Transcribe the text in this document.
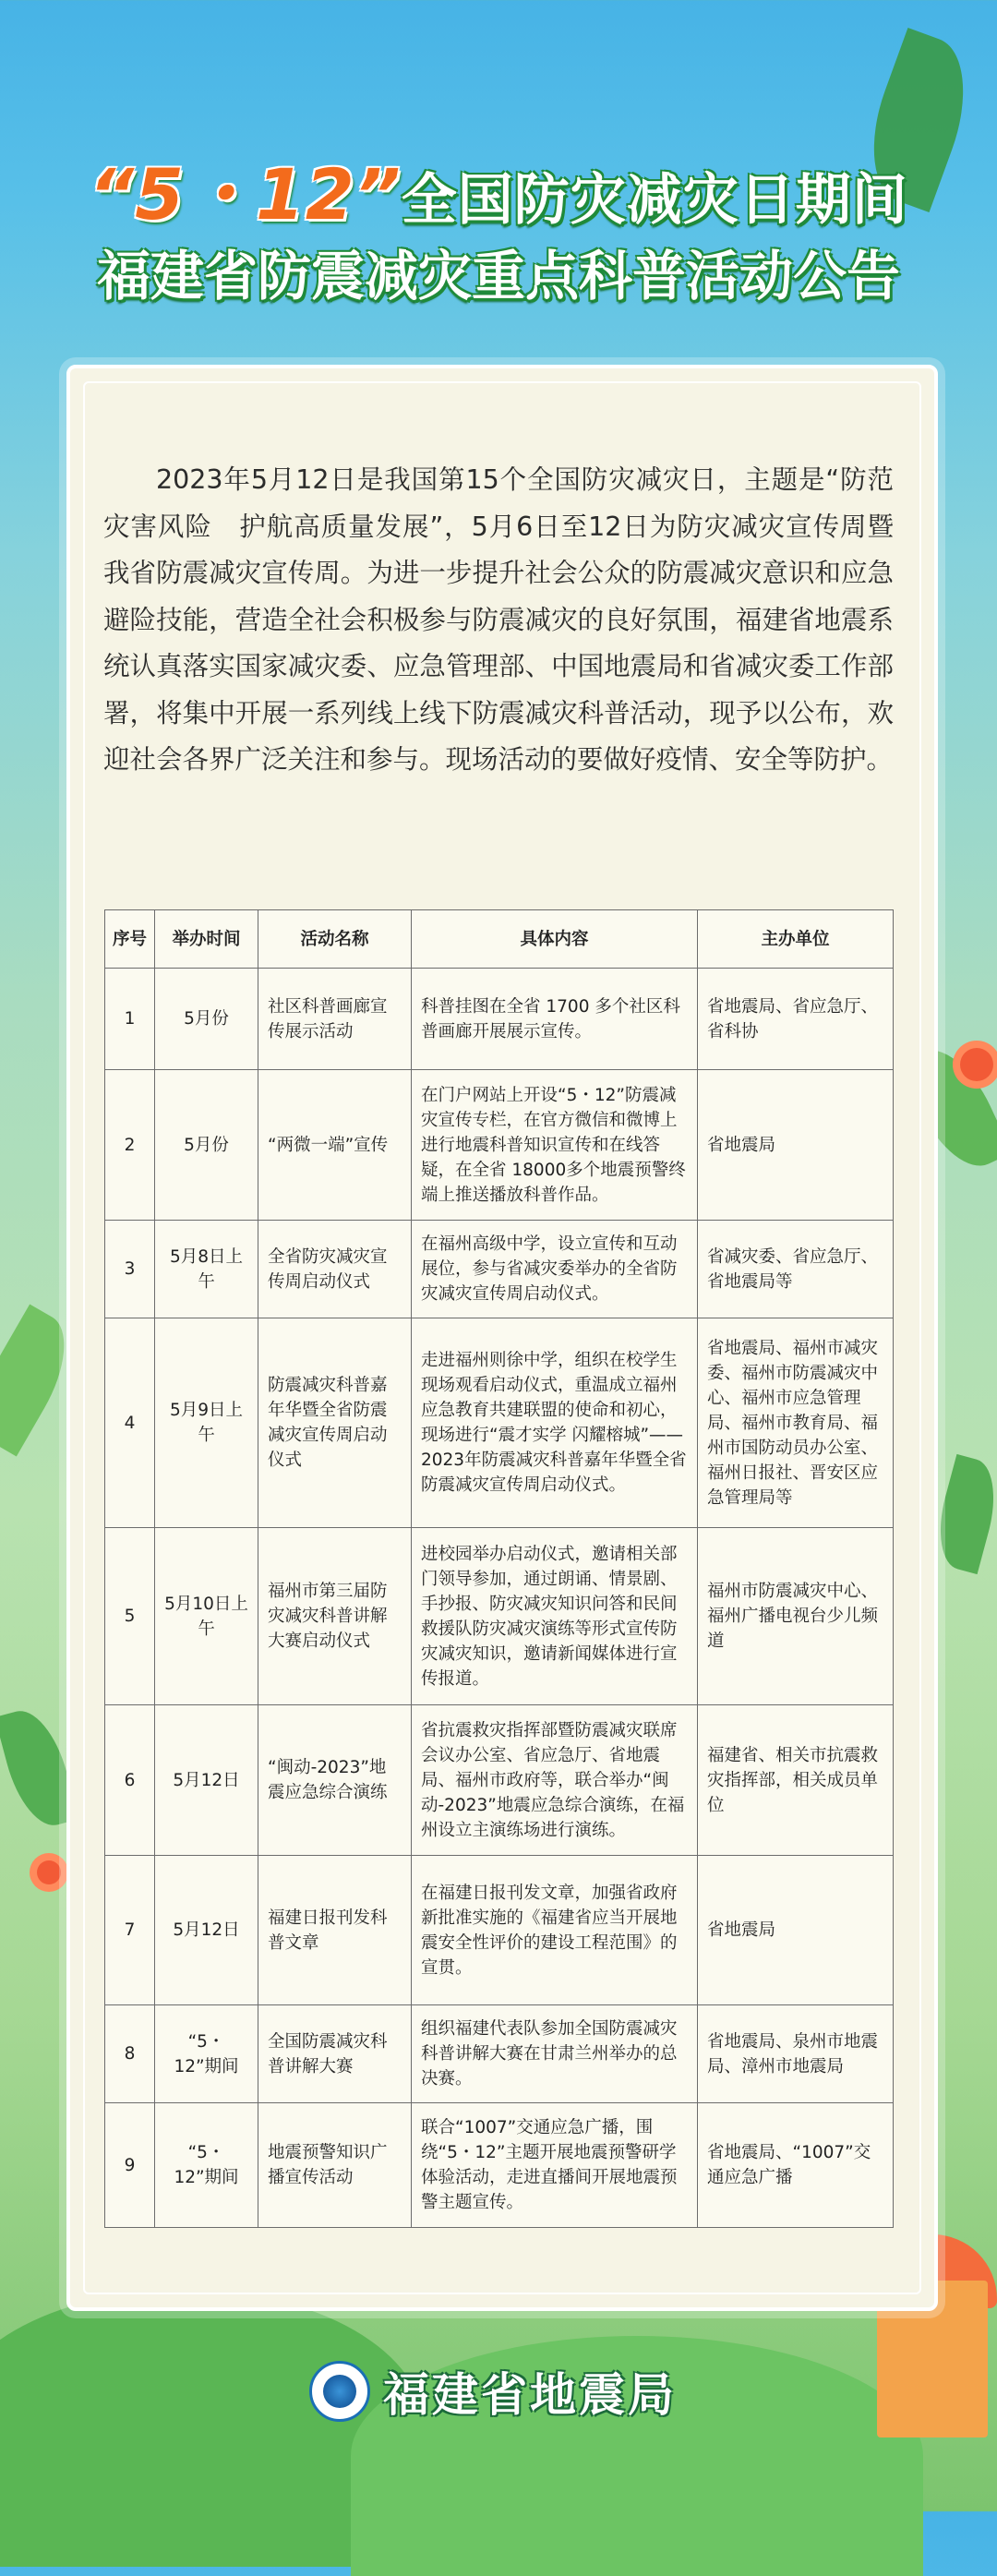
“5・12”全国防灾减灾日期间
福建省防震减灾重点科普活动公告

2023年5月12日是我国第15个全国防灾减灾日，主题是“防范灾害风险　护航高质量发展”，5月6日至12日为防灾减灾宣传周暨我省防震减灾宣传周。为进一步提升社会公众的防震减灾意识和应急避险技能，营造全社会积极参与防震减灾的良好氛围，福建省地震系统认真落实国家减灾委、应急管理部、中国地震局和省减灾委工作部署，将集中开展一系列线上线下防震减灾科普活动，现予以公布，欢迎社会各界广泛关注和参与。现场活动的要做好疫情、安全等防护。

序号	举办时间	活动名称	具体内容	主办单位
1	5月份	社区科普画廊宣传展示活动	科普挂图在全省 1700 多个社区科普画廊开展展示宣传。	省地震局、省应急厅、省科协
2	5月份	“两微一端”宣传	在门户网站上开设“5・12”防震减灾宣传专栏，在官方微信和微博上进行地震科普知识宣传和在线答疑，在全省 18000多个地震预警终端上推送播放科普作品。	省地震局
3	5月8日上午	全省防灾减灾宣传周启动仪式	在福州高级中学，设立宣传和互动展位，参与省减灾委举办的全省防灾减灾宣传周启动仪式。	省减灾委、省应急厅、省地震局等
4	5月9日上午	防震减灾科普嘉年华暨全省防震减灾宣传周启动仪式	走进福州则徐中学，组织在校学生现场观看启动仪式，重温成立福州应急教育共建联盟的使命和初心，现场进行“震才实学 闪耀榕城”——2023年防震减灾科普嘉年华暨全省防震减灾宣传周启动仪式。	省地震局、福州市减灾委、福州市防震减灾中心、福州市应急管理局、福州市教育局、福州市国防动员办公室、福州日报社、晋安区应急管理局等
5	5月10日上午	福州市第三届防灾减灾科普讲解大赛启动仪式	进校园举办启动仪式，邀请相关部门领导参加，通过朗诵、情景剧、手抄报、防灾减灾知识问答和民间救援队防灾减灾演练等形式宣传防灾减灾知识，邀请新闻媒体进行宣传报道。	福州市防震减灾中心、福州广播电视台少儿频道
6	5月12日	“闽动-2023”地震应急综合演练	省抗震救灾指挥部暨防震减灾联席会议办公室、省应急厅、省地震局、福州市政府等，联合举办“闽动-2023”地震应急综合演练，在福州设立主演练场进行演练。	福建省、相关市抗震救灾指挥部，相关成员单位
7	5月12日	福建日报刊发科普文章	在福建日报刊发文章，加强省政府新批准实施的《福建省应当开展地震安全性评价的建设工程范围》的宣贯。	省地震局
8	“5・12”期间	全国防震减灾科普讲解大赛	组织福建代表队参加全国防震减灾科普讲解大赛在甘肃兰州举办的总决赛。	省地震局、泉州市地震局、漳州市地震局
9	“5・12”期间	地震预警知识广播宣传活动	联合“1007”交通应急广播，围绕“5・12”主题开展地震预警研学体验活动，走进直播间开展地震预警主题宣传。	省地震局、“1007”交通应急广播
福建省地震局
